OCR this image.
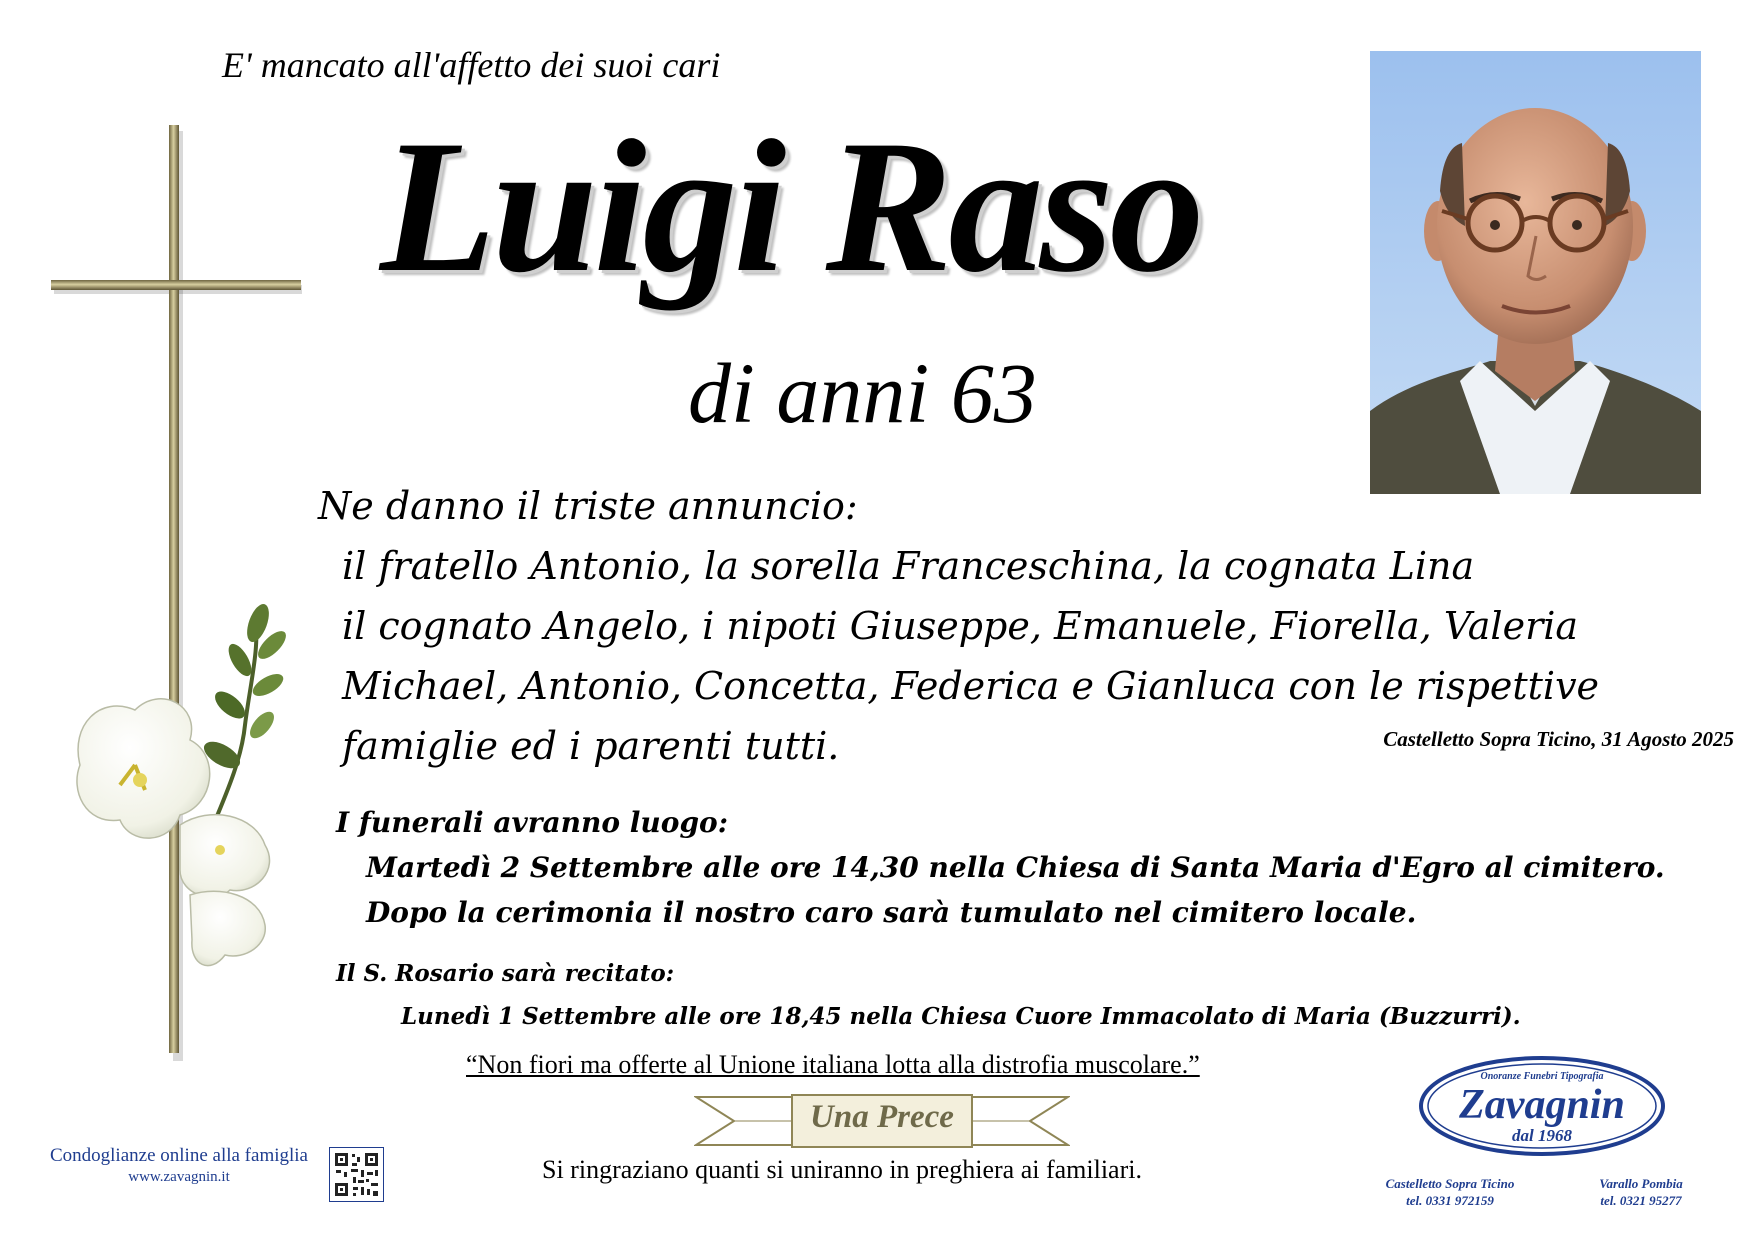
E' mancato all'affetto dei suoi cari
Luigi Raso
di anni 63
Ne danno il triste annuncio:
il fratello Antonio, la sorella Franceschina, la cognata Lina
il cognato Angelo, i nipoti Giuseppe, Emanuele, Fiorella, Valeria
Michael, Antonio, Concetta, Federica e Gianluca con le rispettive
famiglie ed i parenti tutti.	Castelletto Sopra Ticino, 31 Agosto 2025
I funerali avranno luogo:
Martedì 2 Settembre alle ore 14,30 nella Chiesa di Santa Maria d'Egro al cimitero.
Dopo la cerimonia il nostro caro sarà tumulato nel cimitero locale.
Il S. Rosario sarà recitato:
Lunedì 1 Settembre alle ore 18,45 nella Chiesa Cuore Immacolato di Maria (Buzzurri).
“Non fiori ma offerte al Unione italiana lotta alla distrofia muscolare.”
Una Prece
Si ringraziano quanti si uniranno in preghiera ai familiari.
Condoglianze online alla famiglia
www.zavagnin.it
Onoranze Funebri Tipografia
Zavagnin
dal 1968
Castelletto Sopra Ticino
tel. 0331 972159
Varallo Pombia
tel. 0321 95277
